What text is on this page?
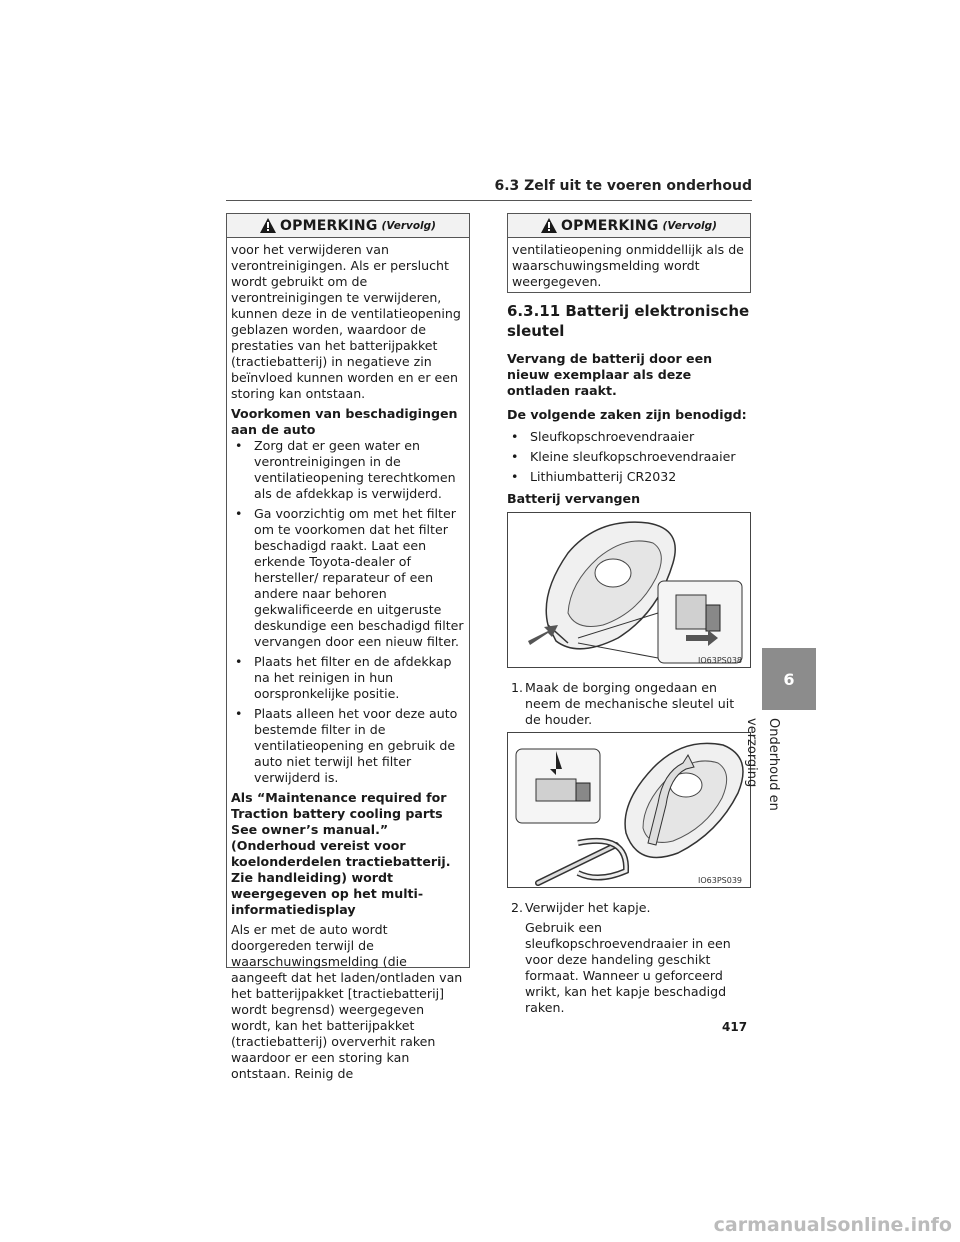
6.3 Zelf uit te voeren onderhoud
OPMERKING (Vervolg)

voor het verwijderen van verontreinigingen. Als er perslucht wordt gebruikt om de verontreinigingen te verwijderen, kunnen deze in de ventilatieopening geblazen worden, waardoor de prestaties van het batterijpakket (tractiebatterij) in negatieve zin beïnvloed kunnen worden en er een storing kan ontstaan.

Voorkomen van beschadigingen aan de auto

• Zorg dat er geen water en verontreinigingen in de ventilatieopening terechtkomen als de afdekkap is verwijderd.
• Ga voorzichtig om met het filter om te voorkomen dat het filter beschadigd raakt. Laat een erkende Toyota-dealer of hersteller/ reparateur of een andere naar behoren gekwalificeerde en uitgeruste deskundige een beschadigd filter vervangen door een nieuw filter.
• Plaats het filter en de afdekkap na het reinigen in hun oorspronkelijke positie.
• Plaats alleen het voor deze auto bestemde filter in de ventilatieopening en gebruik de auto niet terwijl het filter verwijderd is.

Als “Maintenance required for Traction battery cooling parts See owner’s manual.” (Onderhoud vereist voor koelonderdelen tractiebatterij. Zie handleiding) wordt weergegeven op het multi-informatiedisplay

Als er met de auto wordt doorgereden terwijl de waarschuwingsmelding (die aangeeft dat het laden/ontladen van het batterijpakket [tractiebatterij] wordt begrensd) weergegeven wordt, kan het batterijpakket (tractiebatterij) oververhit raken waardoor er een storing kan ontstaan. Reinig de

OPMERKING (Vervolg)

ventilatieopening onmiddellijk als de waarschuwingsmelding wordt weergegeven.

6.3.11 Batterij elektronische sleutel

Vervang de batterij door een nieuw exemplaar als deze ontladen raakt.

De volgende zaken zijn benodigd:

• Sleufkopschroevendraaier
• Kleine sleufkopschroevendraaier
• Lithiumbatterij CR2032

Batterij vervangen

IO63PS038

1. Maak de borging ongedaan en neem de mechanische sleutel uit de houder.

IO63PS039

2. Verwijder het kapje.

Gebruik een sleufkopschroevendraaier in een voor deze handeling geschikt formaat. Wanneer u geforceerd wrikt, kan het kapje beschadigd raken.

6
Onderhoud en verzorging
417
carmanualsonline.info
